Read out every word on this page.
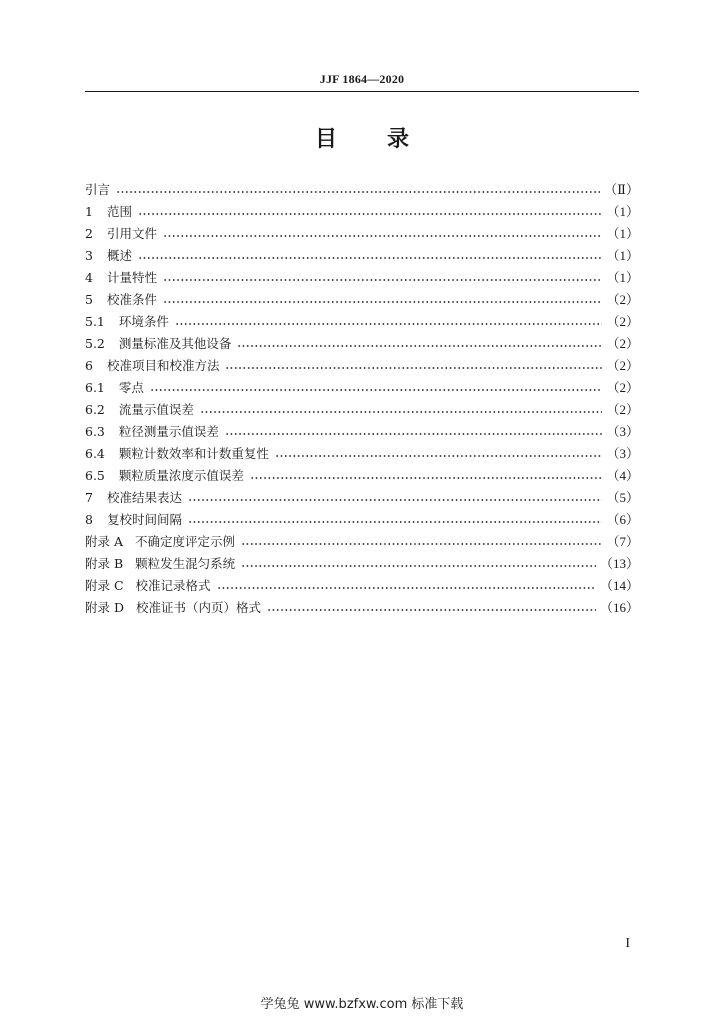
JJF 1864—2020
目 录
引言	（Ⅱ）
1	范围	（1）
2	引用文件	（1）
3	概述	（1）
4	计量特性	（1）
5	校准条件	（2）
5.1	环境条件	（2）
5.2	测量标准及其他设备	（2）
6	校准项目和校准方法	（2）
6.1	零点	（2）
6.2	流量示值误差	（2）
6.3	粒径测量示值误差	（3）
6.4	颗粒计数效率和计数重复性	（3）
6.5	颗粒质量浓度示值误差	（4）
7	校准结果表达	（5）
8	复校时间间隔	（6）
附录 A 不确定度评定示例	（7）
附录 B 颗粒发生混匀系统	（13）
附录 C 校准记录格式	（14）
附录 D 校准证书（内页）格式	（16）
I
学兔兔 www.bzfxw.com 标准下载
